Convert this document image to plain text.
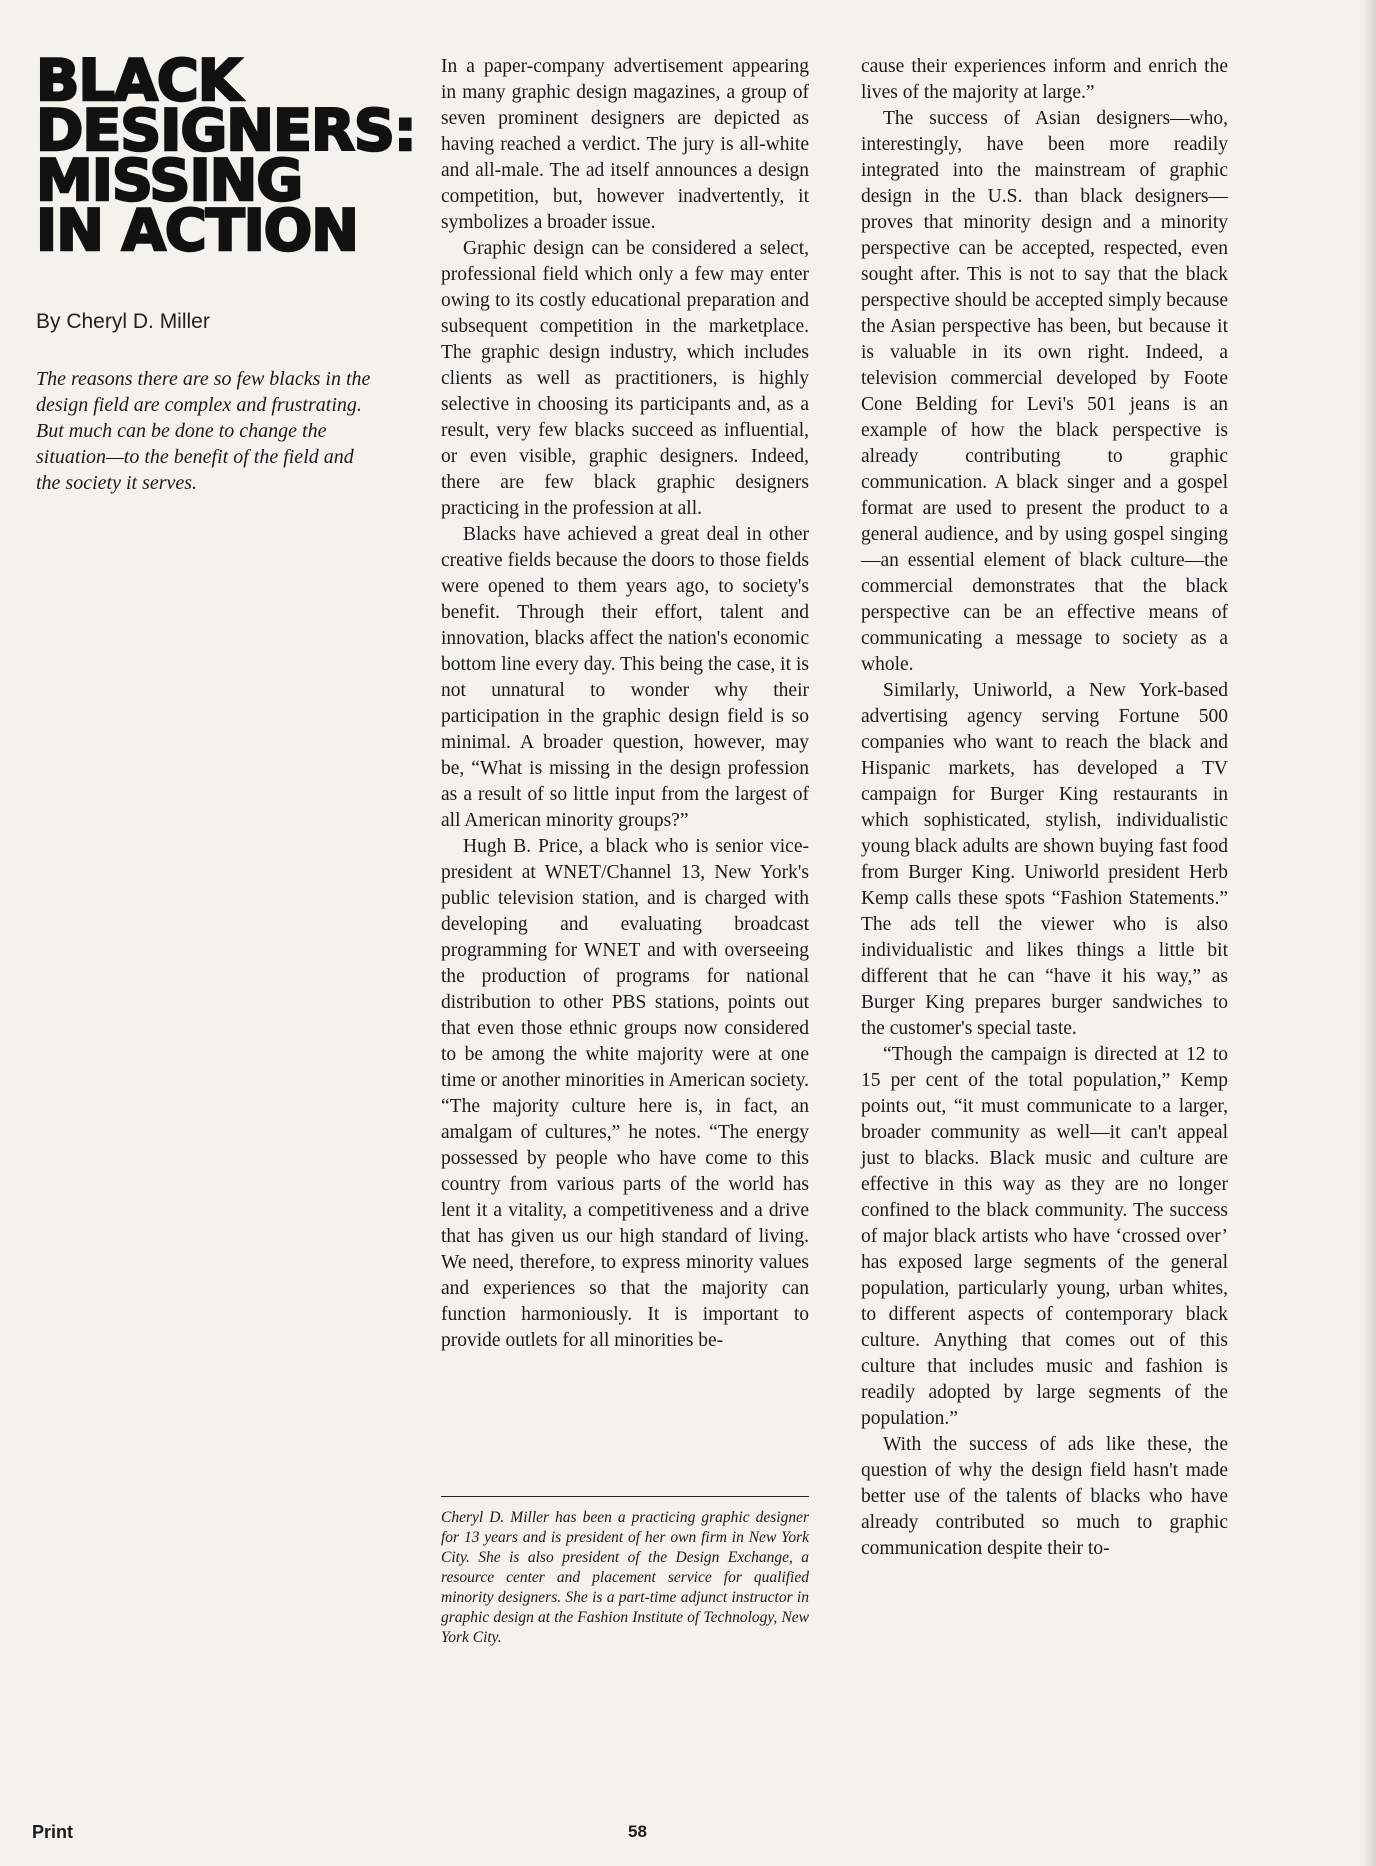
BLACK
DESIGNERS:
MISSING
IN ACTION

By Cheryl D. Miller

The reasons there are so few blacks in the design field are complex and frustrating. But much can be done to change the situation—to the benefit of the field and the society it serves.

In a paper-company advertisement appearing in many graphic design magazines, a group of seven prominent designers are depicted as having reached a verdict. The jury is all-white and all-male. The ad itself announces a design competition, but, however inadvertently, it symbolizes a broader issue.

Graphic design can be considered a select, professional field which only a few may enter owing to its costly educational preparation and subsequent competition in the marketplace. The graphic design industry, which includes clients as well as practitioners, is highly selective in choosing its participants and, as a result, very few blacks succeed as influential, or even visible, graphic designers. Indeed, there are few black graphic designers practicing in the profession at all.

Blacks have achieved a great deal in other creative fields because the doors to those fields were opened to them years ago, to society's benefit. Through their effort, talent and innovation, blacks affect the nation's economic bottom line every day. This being the case, it is not unnatural to wonder why their participation in the graphic design field is so minimal. A broader question, however, may be, “What is missing in the design profession as a result of so little input from the largest of all American minority groups?”

Hugh B. Price, a black who is senior vice-president at WNET/Channel 13, New York's public television station, and is charged with developing and evaluating broadcast programming for WNET and with overseeing the production of programs for national distribution to other PBS stations, points out that even those ethnic groups now considered to be among the white majority were at one time or another minorities in American society. “The majority culture here is, in fact, an amalgam of cultures,” he notes. “The energy possessed by people who have come to this country from various parts of the world has lent it a vitality, a competitiveness and a drive that has given us our high standard of living. We need, therefore, to express minority values and experiences so that the majority can function harmoniously. It is important to provide outlets for all minorities be-

Cheryl D. Miller has been a practicing graphic designer for 13 years and is president of her own firm in New York City. She is also president of the Design Exchange, a resource center and placement service for qualified minority designers. She is a part-time adjunct instructor in graphic design at the Fashion Institute of Technology, New York City.

cause their experiences inform and enrich the lives of the majority at large.”

The success of Asian designers—who, interestingly, have been more readily integrated into the mainstream of graphic design in the U.S. than black designers—proves that minority design and a minority perspective can be accepted, respected, even sought after. This is not to say that the black perspective should be accepted simply because the Asian perspective has been, but because it is valuable in its own right. Indeed, a television commercial developed by Foote Cone Belding for Levi's 501 jeans is an example of how the black perspective is already contributing to graphic communication. A black singer and a gospel format are used to present the product to a general audience, and by using gospel singing—an essential element of black culture—the commercial demonstrates that the black perspective can be an effective means of communicating a message to society as a whole.

Similarly, Uniworld, a New York-based advertising agency serving Fortune 500 companies who want to reach the black and Hispanic markets, has developed a TV campaign for Burger King restaurants in which sophisticated, stylish, individualistic young black adults are shown buying fast food from Burger King. Uniworld president Herb Kemp calls these spots “Fashion Statements.” The ads tell the viewer who is also individualistic and likes things a little bit different that he can “have it his way,” as Burger King prepares burger sandwiches to the customer's special taste.

“Though the campaign is directed at 12 to 15 per cent of the total population,” Kemp points out, “it must communicate to a larger, broader community as well—it can't appeal just to blacks. Black music and culture are effective in this way as they are no longer confined to the black community. The success of major black artists who have ‘crossed over’ has exposed large segments of the general population, particularly young, urban whites, to different aspects of contemporary black culture. Anything that comes out of this culture that includes music and fashion is readily adopted by large segments of the population.”

With the success of ads like these, the question of why the design field hasn't made better use of the talents of blacks who have already contributed so much to graphic communication despite their to-

Print	58
